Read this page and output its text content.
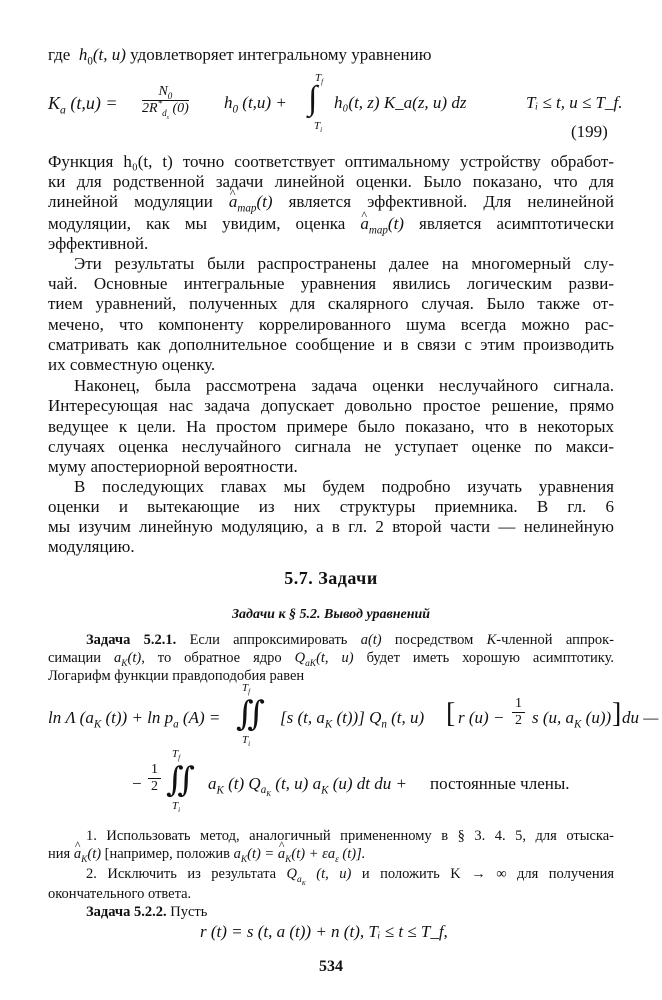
где  $h_0(t$, u) удовлетворяет интегральному уравнению
$K_a$ $(t,u) = \frac{N_0}{2R^*_{d_s} (0)} h_0$ (t,u) + ∫
$T_f$
$T_i$
h₀(t, z) K_a(z, u) dz	Tᵢ ≤ t, u ≤ T_f.
(199)
Функция h₀(t, t) точно соответствует оптимальному устройству обработ-
ки для родственной задачи линейной оценки. Было показано, что для
линейной модуляции ^ $a_{map}(t)$ является эффективной. Для нелинейной
модуляции, как мы увидим, оценка ^ $a_{map}(t)$ является асимптотически
эффективной.
Эти результаты были распространены далее на многомерный слу-
чай. Основные интегральные уравнения явились логическим разви-
тием уравнений, полученных для скалярного случая. Было также от-
мечено, что компоненту коррелированного шума всегда можно рас-
сматривать как дополнительное сообщение и в связи с этим производить
их совместную оценку.
Наконец, была рассмотрена задача оценки неслучайного сигнала.
Интересующая нас задача допускает довольно простое решение, прямо
ведущее к цели. На простом примере было показано, что в некоторых
случаях оценка неслучайного сигнала не уступает оценке по макси-
муму апостериорной вероятности.
В последующих главах мы будем подробно изучать уравнения
оценки и вытекающие из них структуры приемника. В гл. 6
мы изучим линейную модуляцию, а в гл. 2 второй части — нелинейную
модуляцию.
5.7. Задачи
Задачи к § 5.2. Вывод уравнений
Задача 5.2.1. Если аппроксимировать a(t) посредством K-членной аппрок-
симации $a_K(t)$, то обратное ядро $Q_{aK}(t$, u) будет иметь хорошую асимптотику.
Логарифм функции правдоподобия равен
ln Λ ($a_K$ $(t)) + \ln p_a$ (A) = ∬
$T_f$
$T_i$
[s (t, $a_K$ (t))] $Q_n$ (t, u) [ r $(u) - \frac{1}{2}$ s (u, $a_K$ (u)) ] du —
− $\frac{1}{2}$ ∬
$T_f$
$T_i$
$a_K$ (t) $Q_{a_K}$ (t, u) $a_K$ (u) dt du + постоянные члены.
1. Использовать метод, аналогичный примененному в § 3. 4. 5, для отыска-
ния ^ $a_K(t)$ [например, положив $a_K(t)$ = ^ $a_K(t) + \varepsilon a_\varepsilon$ (t)].
2. Исключить из результата $Q_{a_K}$ (t, u) и положить K → ∞ для получения
окончательного ответа.
Задача 5.2.2. Пусть
r (t) = s (t, a (t)) + n (t), Tᵢ ≤ t ≤ T_f,
534
